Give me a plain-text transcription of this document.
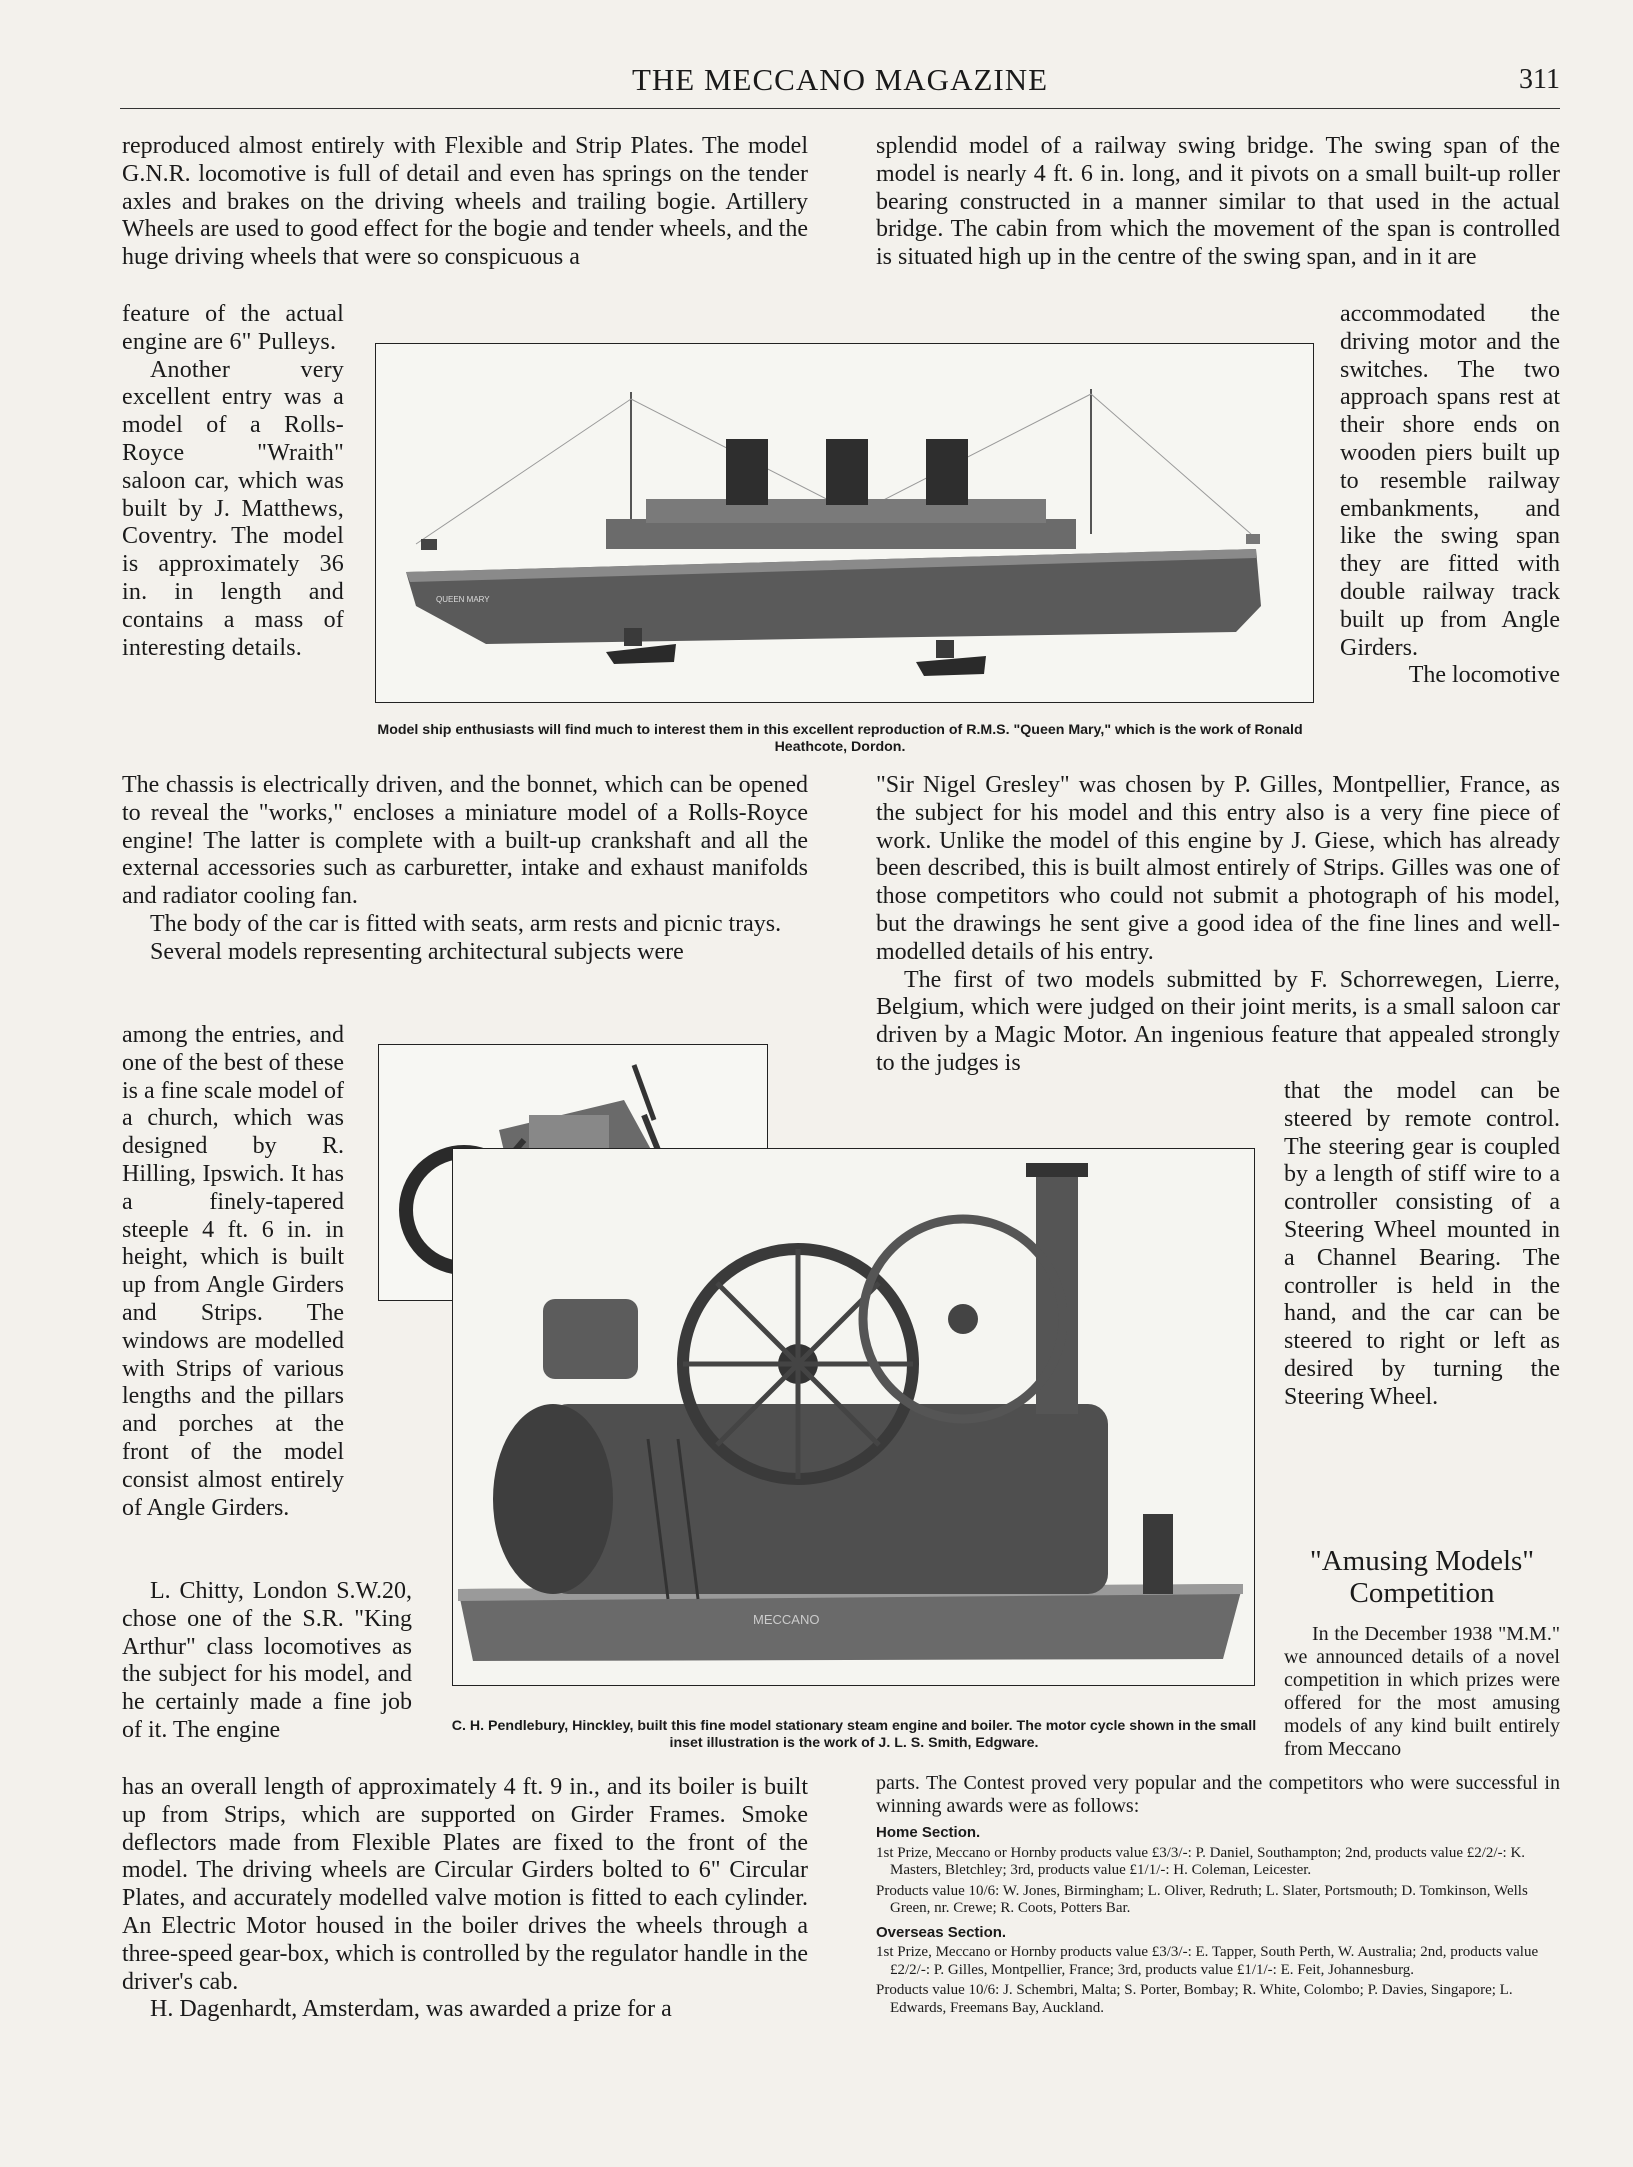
THE MECCANO MAGAZINE	311
QUEEN MARY
Model ship enthusiasts will find much to interest them in this excellent reproduction of R.M.S. "Queen Mary," which is the work of Ronald Heathcote, Dordon.
MECCANO
C. H. Pendlebury, Hinckley, built this fine model stationary steam engine and boiler. The motor cycle shown in the small inset illustration is the work of J. L. S. Smith, Edgware.

reproduced almost entirely with Flexible and Strip Plates. The model G.N.R. locomotive is full of detail and even has springs on the tender axles and brakes on the driving wheels and trailing bogie. Artillery Wheels are used to good effect for the bogie and tender wheels, and the huge driving wheels that were so conspicuous a

feature of the actual engine are 6" Pulleys.

Another very excellent entry was a model of a Rolls-Royce "Wraith" saloon car, which was built by J. Matthews, Coventry. The model is approximately 36 in. in length and contains a mass of interesting details.

The chassis is electrically driven, and the bonnet, which can be opened to reveal the "works," encloses a miniature model of a Rolls-Royce engine! The latter is complete with a built-up crankshaft and all the external accessories such as carburetter, intake and exhaust manifolds and radiator cooling fan.

The body of the car is fitted with seats, arm rests and picnic trays.

Several models representing architectural subjects were

among the entries, and one of the best of these is a fine scale model of a church, which was designed by R. Hilling, Ipswich. It has a finely-tapered steeple 4 ft. 6 in. in height, which is built up from Angle Girders and Strips. The windows are modelled with Strips of various lengths and the pillars and porches at the front of the model consist almost entirely of Angle Girders.

L. Chitty, London S.W.20, chose one of the S.R. "King Arthur" class locomotives as the subject for his model, and he certainly made a fine job of it. The engine

has an overall length of approximately 4 ft. 9 in., and its boiler is built up from Strips, which are supported on Girder Frames. Smoke deflectors made from Flexible Plates are fixed to the front of the model. The driving wheels are Circular Girders bolted to 6" Circular Plates, and accurately modelled valve motion is fitted to each cylinder. An Electric Motor housed in the boiler drives the wheels through a three-speed gear-box, which is controlled by the regulator handle in the driver's cab.

H. Dagenhardt, Amsterdam, was awarded a prize for a

splendid model of a railway swing bridge. The swing span of the model is nearly 4 ft. 6 in. long, and it pivots on a small built-up roller bearing constructed in a manner similar to that used in the actual bridge. The cabin from which the movement of the span is controlled is situated high up in the centre of the swing span, and in it are

accommodated the driving motor and the switches. The two approach spans rest at their shore ends on wooden piers built up to resemble railway embankments, and like the swing span they are fitted with double railway track built up from Angle Girders.

The locomotive

"Sir Nigel Gresley" was chosen by P. Gilles, Montpellier, France, as the subject for his model and this entry also is a very fine piece of work. Unlike the model of this engine by J. Giese, which has already been described, this is built almost entirely of Strips. Gilles was one of those competitors who could not submit a photograph of his model, but the drawings he sent give a good idea of the fine lines and well-modelled details of his entry.

The first of two models submitted by F. Schorrewegen, Lierre, Belgium, which were judged on their joint merits, is a small saloon car driven by a Magic Motor. An ingenious feature that appealed strongly to the judges is

that the model can be steered by remote control. The steering gear is coupled by a length of stiff wire to a controller consisting of a Steering Wheel mounted in a Channel Bearing. The controller is held in the hand, and the car can be steered to right or left as desired by turning the Steering Wheel.

"Amusing Models"

Competition

In the December 1938 "M.M." we announced details of a novel competition in which prizes were offered for the most amusing models of any kind built entirely from Meccano

parts. The Contest proved very popular and the competitors who were successful in winning awards were as follows:

Home Section.

1st Prize, Meccano or Hornby products value £3/3/-: P. Daniel, Southampton; 2nd, products value £2/2/-: K. Masters, Bletchley; 3rd, products value £1/1/-: H. Coleman, Leicester.

Products value 10/6: W. Jones, Birmingham; L. Oliver, Redruth; L. Slater, Portsmouth; D. Tomkinson, Wells Green, nr. Crewe; R. Coots, Potters Bar.

Overseas Section.

1st Prize, Meccano or Hornby products value £3/3/-: E. Tapper, South Perth, W. Australia; 2nd, products value £2/2/-: P. Gilles, Montpellier, France; 3rd, products value £1/1/-: E. Feit, Johannesburg.

Products value 10/6: J. Schembri, Malta; S. Porter, Bombay; R. White, Colombo; P. Davies, Singapore; L. Edwards, Freemans Bay, Auckland.
